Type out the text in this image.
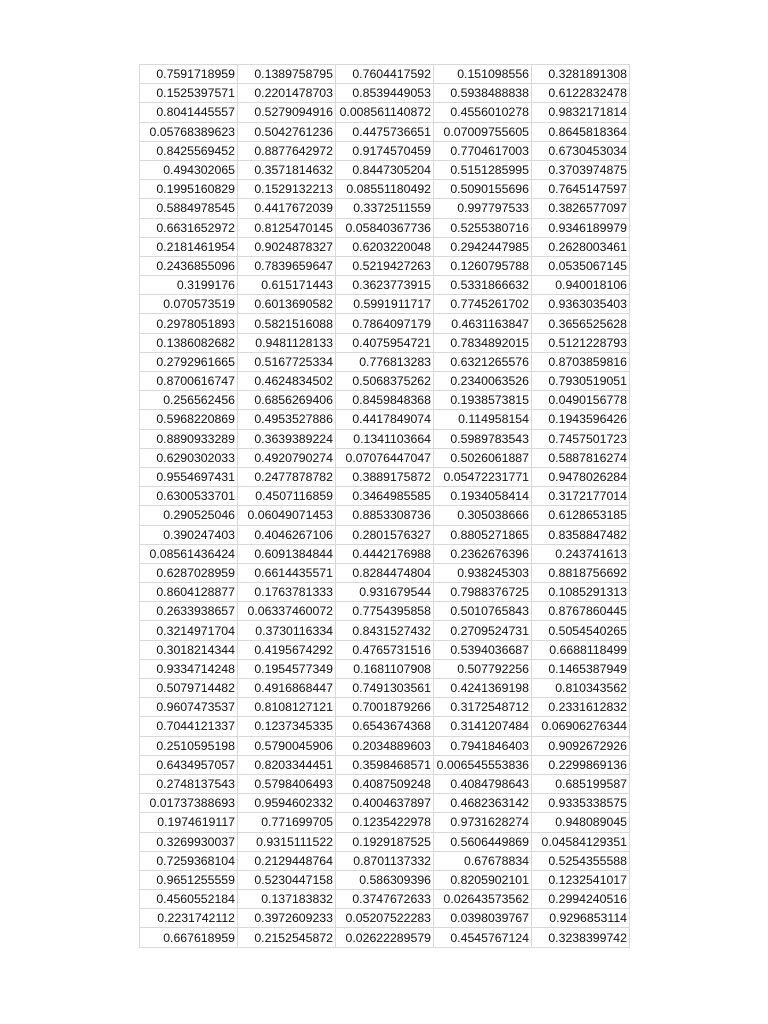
0.7591718959	0.1389758795	0.7604417592	0.151098556	0.3281891308
0.1525397571	0.2201478703	0.8539449053	0.5938488838	0.6122832478
0.8041445557	0.5279094916	0.008561140872	0.4556010278	0.9832171814
0.05768389623	0.5042761236	0.4475736651	0.07009755605	0.8645818364
0.8425569452	0.8877642972	0.9174570459	0.7704617003	0.6730453034
0.494302065	0.3571814632	0.8447305204	0.5151285995	0.3703974875
0.1995160829	0.1529132213	0.08551180492	0.5090155696	0.7645147597
0.5884978545	0.4417672039	0.3372511559	0.997797533	0.3826577097
0.6631652972	0.8125470145	0.05840367736	0.5255380716	0.9346189979
0.2181461954	0.9024878327	0.6203220048	0.2942447985	0.2628003461
0.2436855096	0.7839659647	0.5219427263	0.1260795788	0.0535067145
0.3199176	0.615171443	0.3623773915	0.5331866632	0.940018106
0.070573519	0.6013690582	0.5991911717	0.7745261702	0.9363035403
0.2978051893	0.5821516088	0.7864097179	0.4631163847	0.3656525628
0.1386082682	0.9481128133	0.4075954721	0.7834892015	0.5121228793
0.2792961665	0.5167725334	0.776813283	0.6321265576	0.8703859816
0.8700616747	0.4624834502	0.5068375262	0.2340063526	0.7930519051
0.256562456	0.6856269406	0.8459848368	0.1938573815	0.0490156778
0.5968220869	0.4953527886	0.4417849074	0.114958154	0.1943596426
0.8890933289	0.3639389224	0.1341103664	0.5989783543	0.7457501723
0.6290302033	0.4920790274	0.07076447047	0.5026061887	0.5887816274
0.9554697431	0.2477878782	0.3889175872	0.05472231771	0.9478026284
0.6300533701	0.4507116859	0.3464985585	0.1934058414	0.3172177014
0.290525046	0.06049071453	0.8853308736	0.305038666	0.6128653185
0.390247403	0.4046267106	0.2801576327	0.8805271865	0.8358847482
0.08561436424	0.6091384844	0.4442176988	0.2362676396	0.243741613
0.6287028959	0.6614435571	0.8284474804	0.938245303	0.8818756692
0.8604128877	0.1763781333	0.931679544	0.7988376725	0.1085291313
0.2633938657	0.06337460072	0.7754395858	0.5010765843	0.8767860445
0.3214971704	0.3730116334	0.8431527432	0.2709524731	0.5054540265
0.3018214344	0.4195674292	0.4765731516	0.5394036687	0.6688118499
0.9334714248	0.1954577349	0.1681107908	0.507792256	0.1465387949
0.5079714482	0.4916868447	0.7491303561	0.4241369198	0.810343562
0.9607473537	0.8108127121	0.7001879266	0.3172548712	0.2331612832
0.7044121337	0.1237345335	0.6543674368	0.3141207484	0.06906276344
0.2510595198	0.5790045906	0.2034889603	0.7941846403	0.9092672926
0.6434957057	0.8203344451	0.3598468571	0.006545553836	0.2299869136
0.2748137543	0.5798406493	0.4087509248	0.4084798643	0.685199587
0.01737388693	0.9594602332	0.4004637897	0.4682363142	0.9335338575
0.1974619117	0.771699705	0.1235422978	0.9731628274	0.948089045
0.3269930037	0.9315111522	0.1929187525	0.5606449869	0.04584129351
0.7259368104	0.2129448764	0.8701137332	0.67678834	0.5254355588
0.9651255559	0.5230447158	0.586309396	0.8205902101	0.1232541017
0.4560552184	0.137183832	0.3747672633	0.02643573562	0.2994240516
0.2231742112	0.3972609233	0.05207522283	0.0398039767	0.9296853114
0.667618959	0.2152545872	0.02622289579	0.4545767124	0.3238399742
